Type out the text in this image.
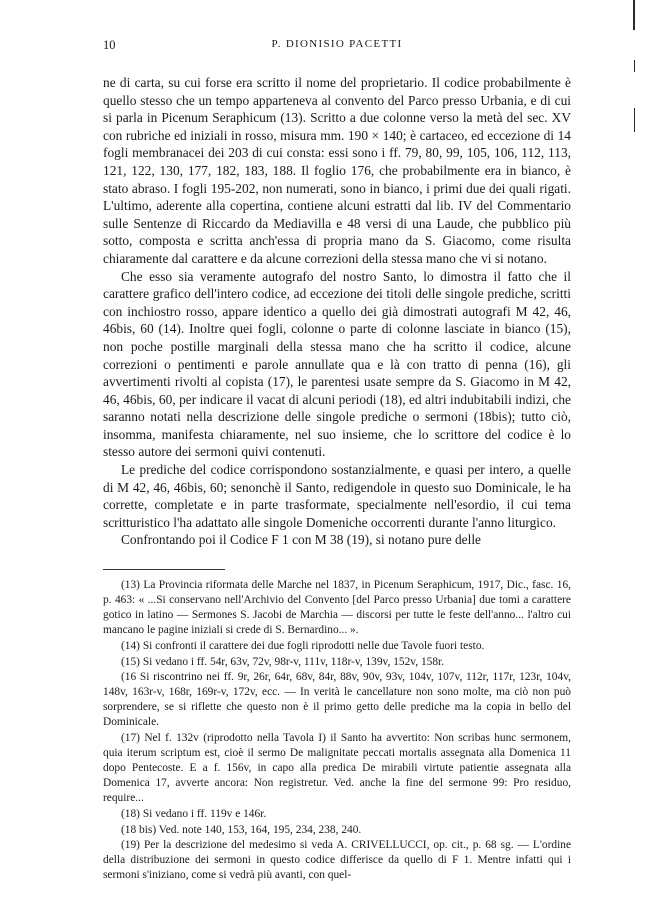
10	P. DIONISIO PACETTI

ne di carta, su cui forse era scritto il nome del proprietario. Il codice probabilmente è quello stesso che un tempo apparteneva al convento del Parco presso Urbania, e di cui si parla in Picenum Seraphicum (13). Scritto a due colonne verso la metà del sec. XV con rubriche ed iniziali in rosso, misura mm. 190 × 140; è cartaceo, ed eccezione di 14 fogli membranacei dei 203 di cui consta: essi sono i ff. 79, 80, 99, 105, 106, 112, 113, 121, 122, 130, 177, 182, 183, 188. Il foglio 176, che probabilmente era in bianco, è stato abraso. I fogli 195-202, non numerati, sono in bianco, i primi due dei quali rigati. L'ultimo, aderente alla copertina, contiene alcuni estratti dal lib. IV del Commentario sulle Sentenze di Riccardo da Mediavilla e 48 versi di una Laude, che pubblico più sotto, composta e scritta anch'essa di propria mano da S. Giacomo, come risulta chiaramente dal carattere e da alcune correzioni della stessa mano che vi si notano.

Che esso sia veramente autografo del nostro Santo, lo dimostra il fatto che il carattere grafico dell'intero codice, ad eccezione dei titoli delle singole prediche, scritti con inchiostro rosso, appare identico a quello dei già dimostrati autografi M 42, 46, 46bis, 60 (14). Inoltre quei fogli, colonne o parte di colonne lasciate in bianco (15), non poche postille marginali della stessa mano che ha scritto il codice, alcune correzioni o pentimenti e parole annullate qua e là con tratto di penna (16), gli avvertimenti rivolti al copista (17), le parentesi usate sempre da S. Giacomo in M 42, 46, 46bis, 60, per indicare il vacat di alcuni periodi (18), ed altri indubitabili indizi, che saranno notati nella descrizione delle singole prediche o sermoni (18bis); tutto ciò, insomma, manifesta chiaramente, nel suo insieme, che lo scrittore del codice è lo stesso autore dei sermoni quivi contenuti.

Le prediche del codice corrispondono sostanzialmente, e quasi per intero, a quelle di M 42, 46, 46bis, 60; senonchè il Santo, redigendole in questo suo Dominicale, le ha corrette, completate e in parte trasformate, specialmente nell'esordio, il cui tema scritturistico l'ha adattato alle singole Domeniche occorrenti durante l'anno liturgico.

Confrontando poi il Codice F 1 con M 38 (19), si notano pure delle

(13) La Provincia riformata delle Marche nel 1837, in Picenum Seraphicum, 1917, Dic., fasc. 16, p. 463: « ...Si conservano nell'Archivio del Convento [del Parco presso Urbania] due tomi a carattere gotico in latino — Sermones S. Jacobi de Marchia — discorsi per tutte le feste dell'anno... l'altro cui mancano le pagine iniziali si crede di S. Bernardino... ».

(14) Si confronti il carattere dei due fogli riprodotti nelle due Tavole fuori testo.

(15) Si vedano i ff. 54r, 63v, 72v, 98r-v, 111v, 118r-v, 139v, 152v, 158r.

(16 Si riscontrino nei ff. 9r, 26r, 64r, 68v, 84r, 88v, 90v, 93v, 104v, 107v, 112r, 117r, 123r, 104v, 148v, 163r-v, 168r, 169r-v, 172v, ecc. — In verità le cancellature non sono molte, ma ciò non può sorprendere, se si riflette che questo non è il primo getto delle prediche ma la copia in bello del Dominicale.

(17) Nel f. 132v (riprodotto nella Tavola I) il Santo ha avvertito: Non scribas hunc sermonem, quia iterum scriptum est, cioè il sermo De malignitate peccati mortalis assegnata alla Domenica 11 dopo Pentecoste. E a f. 156v, in capo alla predica De mirabili virtute patientie assegnata alla Domenica 17, avverte ancora: Non registretur. Ved. anche la fine del sermone 99: Pro residuo, require...

(18) Si vedano i ff. 119v e 146r.

(18 bis) Ved. note 140, 153, 164, 195, 234, 238, 240.

(19) Per la descrizione del medesimo si veda A. CRIVELLUCCI, op. cit., p. 68 sg. — L'ordine della distribuzione dei sermoni in questo codice differisce da quello di F 1. Mentre infatti qui i sermoni s'iniziano, come si vedrà più avanti, con quel-
